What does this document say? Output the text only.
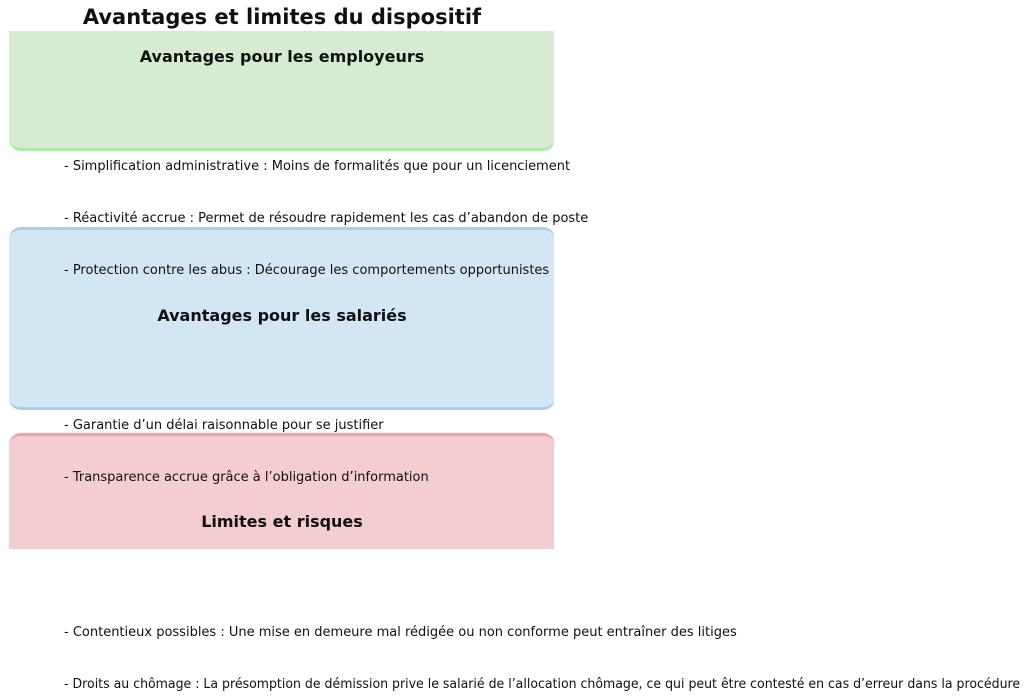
Avantages et limites du dispositif
Avantages pour les employeurs
- Simplification administrative : Moins de formalités que pour un licenciement
- Réactivité accrue : Permet de résoudre rapidement les cas d’abandon de poste
- Protection contre les abus : Décourage les comportements opportunistes
Avantages pour les salariés
- Garantie d’un délai raisonnable pour se justifier
- Transparence accrue grâce à l’obligation d’information
Limites et risques
- Contentieux possibles : Une mise en demeure mal rédigée ou non conforme peut entraîner des litiges
- Droits au chômage : La présomption de démission prive le salarié de l’allocation chômage, ce qui peut être contesté en cas d’erreur dans la procédure
